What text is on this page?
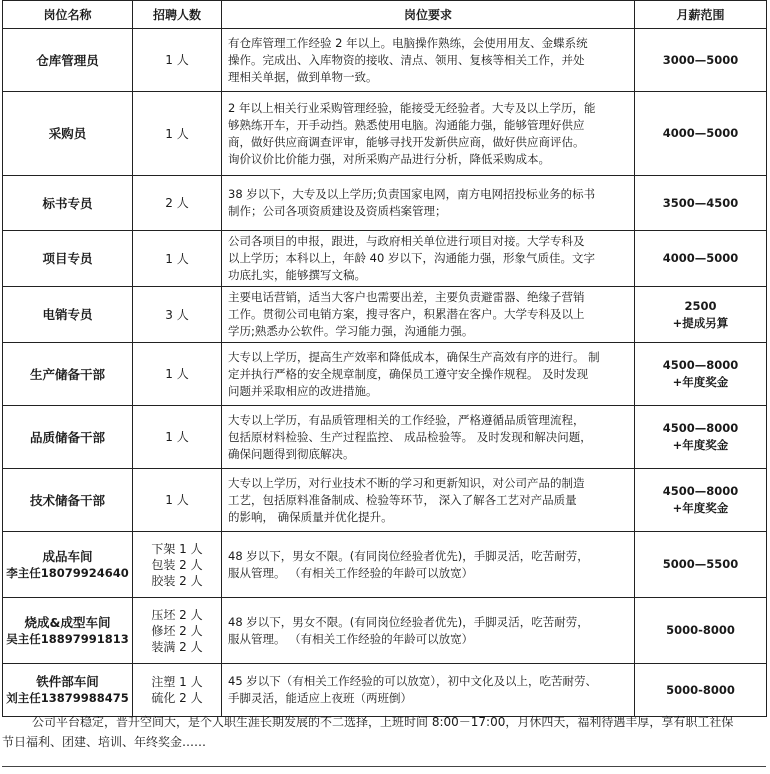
岗位名称	招聘人数	岗位要求	月薪范围

仓库管理员	1 人	有仓库管理工作经验 2 年以上。电脑操作熟练，会使用用友、金蝶系统
操作。完成出、入库物资的接收、清点、领用、复核等相关工作，并处
理相关单据，做到单物一致。	3000—5000

采购员	1 人	2 年以上相关行业采购管理经验，能接受无经验者。大专及以上学历，能
够熟练开车，开手动挡。熟悉使用电脑。沟通能力强，能够管理好供应
商，做好供应商调查评审，能够寻找开发新供应商，做好供应商评估。
询价议价比价能力强，对所采购产品进行分析，降低采购成本。	4000—5000

标书专员	2 人	38 岁以下，大专及以上学历;负责国家电网，南方电网招投标业务的标书
制作；公司各项资质建设及资质档案管理；	3500—4500

项目专员	1 人	公司各项目的申报，跟进，与政府相关单位进行项目对接。大学专科及
以上学历；本科以上，年龄 40 岁以下，沟通能力强，形象气质佳。文字
功底扎实，能够撰写文稿。	4000—5000

电销专员	3 人	主要电话营销，适当大客户也需要出差，主要负责避雷器、绝缘子营销
工作。贯彻公司电销方案，搜寻客户，积累潜在客户。大学专科及以上
学历;熟悉办公软件。学习能力强，沟通能力强。	2500
+提成另算

生产储备干部	1 人	大专以上学历，提高生产效率和降低成本，确保生产高效有序的进行。 制
定并执行严格的安全规章制度，确保员工遵守安全操作规程。 及时发现
问题并采取相应的改进措施。	4500—8000
+年度奖金

品质储备干部	1 人	大专以上学历，有品质管理相关的工作经验，严格遵循品质管理流程，
包括原材料检验、生产过程监控、 成品检验等。 及时发现和解决问题，
确保问题得到彻底解决。	4500—8000
+年度奖金

技术储备干部	1 人	大专以上学历，对行业技术不断的学习和更新知识，对公司产品的制造
工艺，包括原料准备制成、检验等环节， 深入了解各工艺对产品质量
的影响， 确保质量并优化提升。	4500—8000
+年度奖金

成品车间
李主任18079924640	下架 1 人
包装 2 人
胶装 2 人	48 岁以下，男女不限。(有同岗位经验者优先)，手脚灵活，吃苦耐劳，
服从管理。 （有相关工作经验的年龄可以放宽）	5000—5500

烧成&成型车间
吴主任18897991813	压坯 2 人
修坯 2 人
装满 2 人	48 岁以下，男女不限。(有同岗位经验者优先)，手脚灵活，吃苦耐劳，
服从管理。 （有相关工作经验的年龄可以放宽）	5000-8000

铁件部车间
刘主任13879988475	注塑 1 人
硫化 2 人	45 岁以下（有相关工作经验的可以放宽），初中文化及以上，吃苦耐劳、
手脚灵活，能适应上夜班（两班倒）	5000-8000
公司平台稳定，晋升空间大，是个人职生涯长期发展的不二选择，上班时间 8:00－17:00，月休四天，福利待遇丰厚，享有职工社保
节日福利、团建、培训、年终奖金……
